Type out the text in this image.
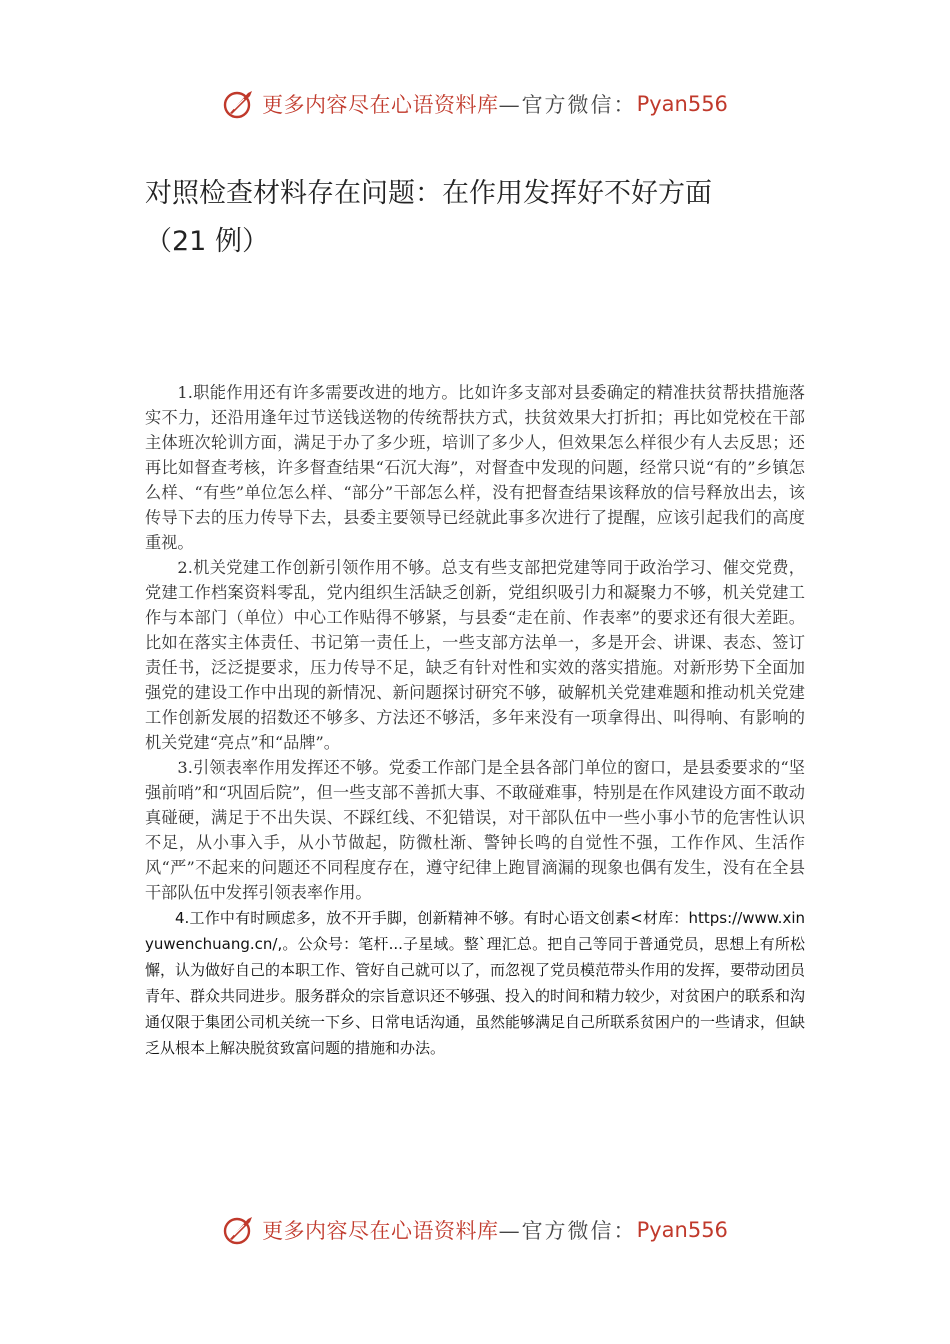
更多内容尽在心语资料库 —官方微信： Pyan556
对照检查材料存在问题：在作用发挥好不好方面
（21 例）

1.职能作用还有许多需要改进的地方。比如许多支部对县委确定的精准扶贫帮扶措施落实不力，还沿用逢年过节送钱送物的传统帮扶方式，扶贫效果大打折扣；再比如党校在干部主体班次轮训方面，满足于办了多少班，培训了多少人，但效果怎么样很少有人去反思；还再比如督查考核，许多督查结果“石沉大海”，对督查中发现的问题，经常只说“有的”乡镇怎么样、“有些”单位怎么样、“部分”干部怎么样，没有把督查结果该释放的信号释放出去，该传导下去的压力传导下去，县委主要领导已经就此事多次进行了提醒，应该引起我们的高度重视。

2.机关党建工作创新引领作用不够。总支有些支部把党建等同于政治学习、催交党费，党建工作档案资料零乱，党内组织生活缺乏创新，党组织吸引力和凝聚力不够，机关党建工作与本部门（单位）中心工作贴得不够紧，与县委“走在前、作表率”的要求还有很大差距。比如在落实主体责任、书记第一责任上，一些支部方法单一，多是开会、讲课、表态、签订责任书，泛泛提要求，压力传导不足，缺乏有针对性和实效的落实措施。对新形势下全面加强党的建设工作中出现的新情况、新问题探讨研究不够，破解机关党建难题和推动机关党建工作创新发展的招数还不够多、方法还不够活，多年来没有一项拿得出、叫得响、有影响的机关党建“亮点”和“品牌”。

3.引领表率作用发挥还不够。党委工作部门是全县各部门单位的窗口，是县委要求的“坚强前哨”和“巩固后院”，但一些支部不善抓大事、不敢碰难事，特别是在作风建设方面不敢动真碰硬，满足于不出失误、不踩红线、不犯错误，对干部队伍中一些小事小节的危害性认识不足，从小事入手，从小节做起，防微杜渐、警钟长鸣的自觉性不强，工作作风、生活作风“严”不起来的问题还不同程度存在，遵守纪律上跑冒滴漏的现象也偶有发生，没有在全县干部队伍中发挥引领表率作用。

4.工作中有时顾虑多，放不开手脚，创新精神不够。有时心语文创素<材库：https://www.xinyuwenchuang.cn/,。公众号：笔杆...子星域。整`理汇总。把自己等同于普通党员，思想上有所松懈，认为做好自己的本职工作、管好自己就可以了，而忽视了党员模范带头作用的发挥，要带动团员青年、群众共同进步。服务群众的宗旨意识还不够强、投入的时间和精力较少，对贫困户的联系和沟通仅限于集团公司机关统一下乡、日常电话沟通，虽然能够满足自己所联系贫困户的一些请求，但缺乏从根本上解决脱贫致富问题的措施和办法。

更多内容尽在心语资料库 —官方微信： Pyan556
